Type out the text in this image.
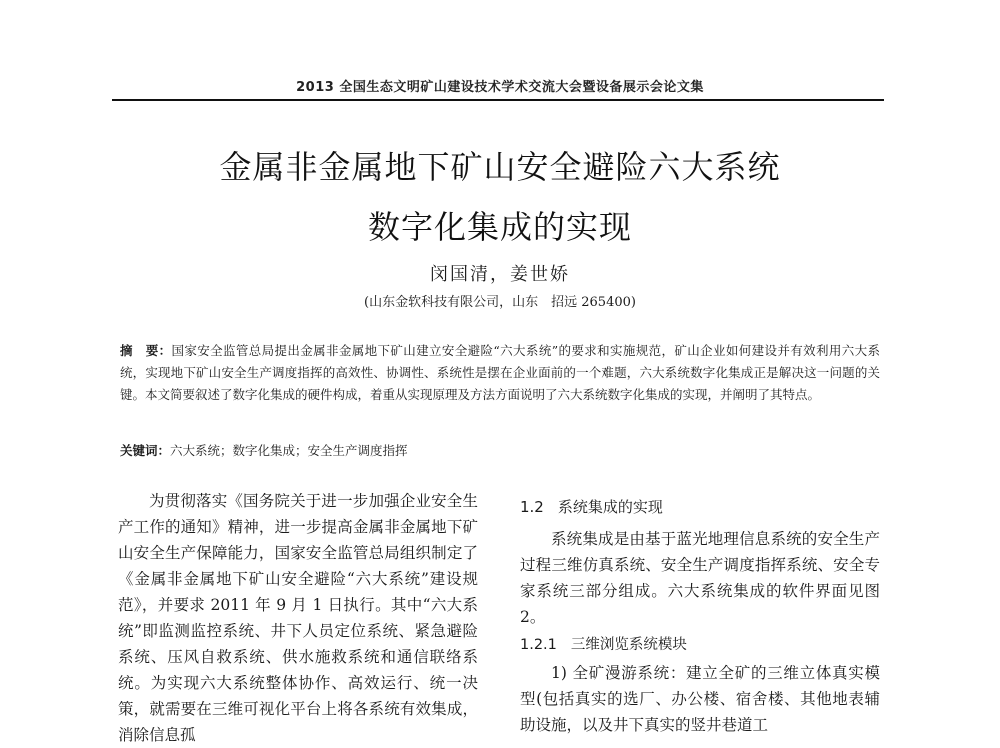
2013 全国生态文明矿山建设技术学术交流大会暨设备展示会论文集
金属非金属地下矿山安全避险六大系统
数字化集成的实现
闵国清，姜世娇
(山东金软科技有限公司，山东　招远 265400)
摘　要：国家安全监管总局提出金属非金属地下矿山建立安全避险“六大系统”的要求和实施规范，矿山企业如何建设并有效利用六大系统，实现地下矿山安全生产调度指挥的高效性、协调性、系统性是摆在企业面前的一个难题，六大系统数字化集成正是解决这一问题的关键。本文简要叙述了数字化集成的硬件构成，着重从实现原理及方法方面说明了六大系统数字化集成的实现，并阐明了其特点。
关键词：六大系统；数字化集成；安全生产调度指挥

为贯彻落实《国务院关于进一步加强企业安全生产工作的通知》精神，进一步提高金属非金属地下矿山安全生产保障能力，国家安全监管总局组织制定了《金属非金属地下矿山安全避险“六大系统”建设规范》，并要求 2011 年 9 月 1 日执行。其中“六大系统”即监测监控系统、井下人员定位系统、紧急避险系统、压风自救系统、供水施救系统和通信联络系统。为实现六大系统整体协作、高效运行、统一决策，就需要在三维可视化平台上将各系统有效集成，消除信息孤

1.2 系统集成的实现

系统集成是由基于蓝光地理信息系统的安全生产过程三维仿真系统、安全生产调度指挥系统、安全专家系统三部分组成。六大系统集成的软件界面见图 2。

1.2.1 三维浏览系统模块

1) 全矿漫游系统：建立全矿的三维立体真实模型(包括真实的选厂、办公楼、宿舍楼、其他地表辅助设施，以及井下真实的竖井巷道工
